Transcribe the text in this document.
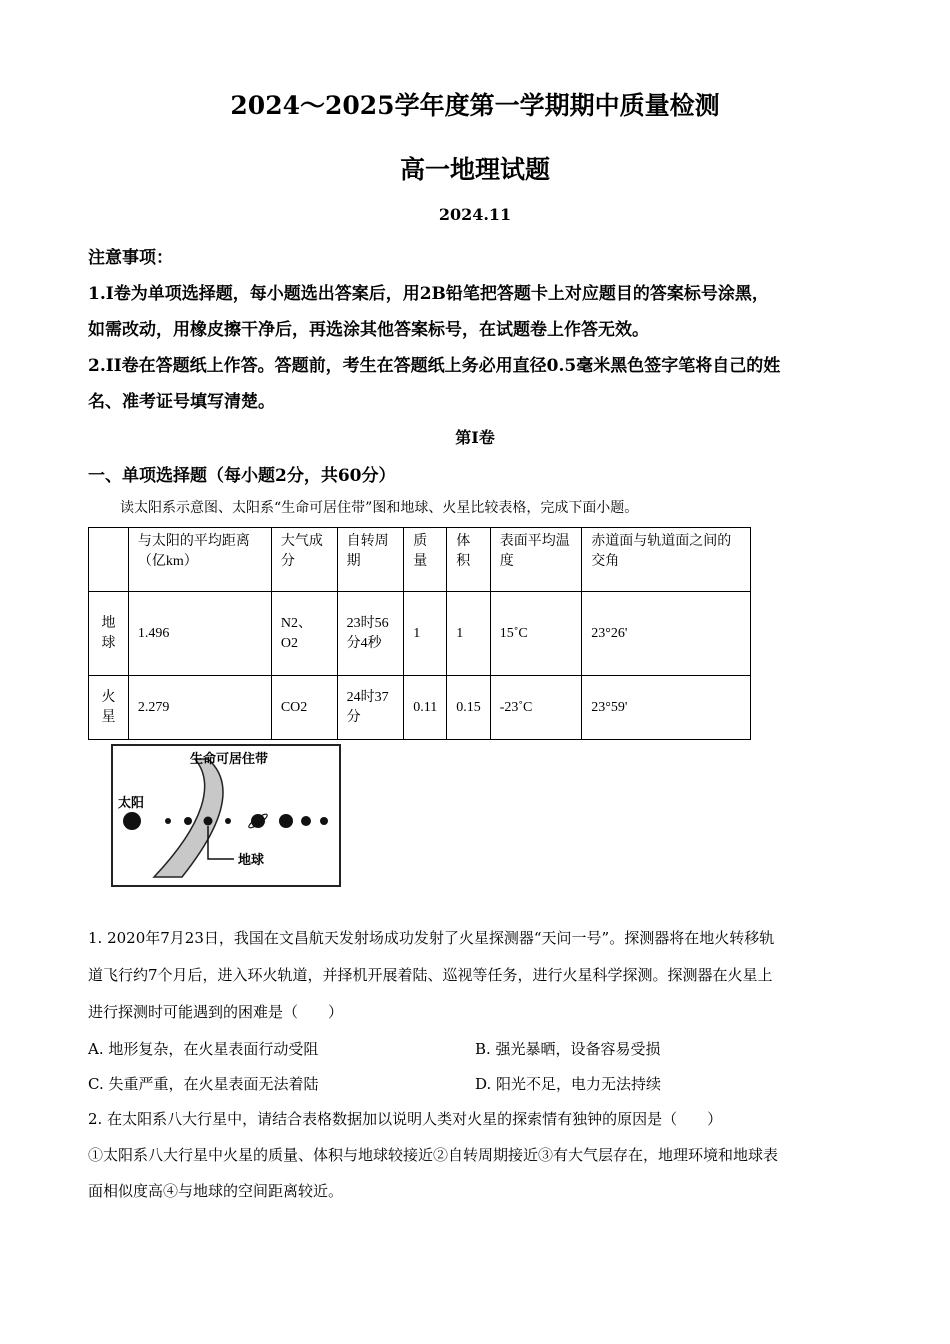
2024～2025学年度第一学期期中质量检测
高一地理试题
2024.11
注意事项：
1.I卷为单项选择题，每小题选出答案后，用2B铅笔把答题卡上对应题目的答案标号涂黑，
如需改动，用橡皮擦干净后，再选涂其他答案标号，在试题卷上作答无效。
2.II卷在答题纸上作答。答题前，考生在答题纸上务必用直径0.5毫米黑色签字笔将自己的姓
名、准考证号填写清楚。
第I卷
一、单项选择题（每小题2分，共60分）
读太阳系示意图、太阳系“生命可居住带”图和地球、火星比较表格，完成下面小题。
	与太阳的平均距离（亿km）	大气成分	自转周期	质量	体积	表面平均温度	赤道面与轨道面之间的交角
地球	1.496	N2、O2	23时56分4秒	1	1	15˚C	23°26'
火星	2.279	CO2	24时37分	0.11	0.15	-23˚C	23°59'
生命可居住带
太阳
地球
1. 2020年7月23日，我国在文昌航天发射场成功发射了火星探测器“天问一号”。探测器将在地火转移轨
道飞行约7个月后，进入环火轨道，并择机开展着陆、巡视等任务，进行火星科学探测。探测器在火星上
进行探测时可能遇到的困难是（　　）
A. 地形复杂，在火星表面行动受阻	B. 强光暴晒，设备容易受损
C. 失重严重，在火星表面无法着陆	D. 阳光不足，电力无法持续
2. 在太阳系八大行星中，请结合表格数据加以说明人类对火星的探索情有独钟的原因是（　　）
①太阳系八大行星中火星的质量、体积与地球较接近②自转周期接近③有大气层存在，地理环境和地球表
面相似度高④与地球的空间距离较近。
